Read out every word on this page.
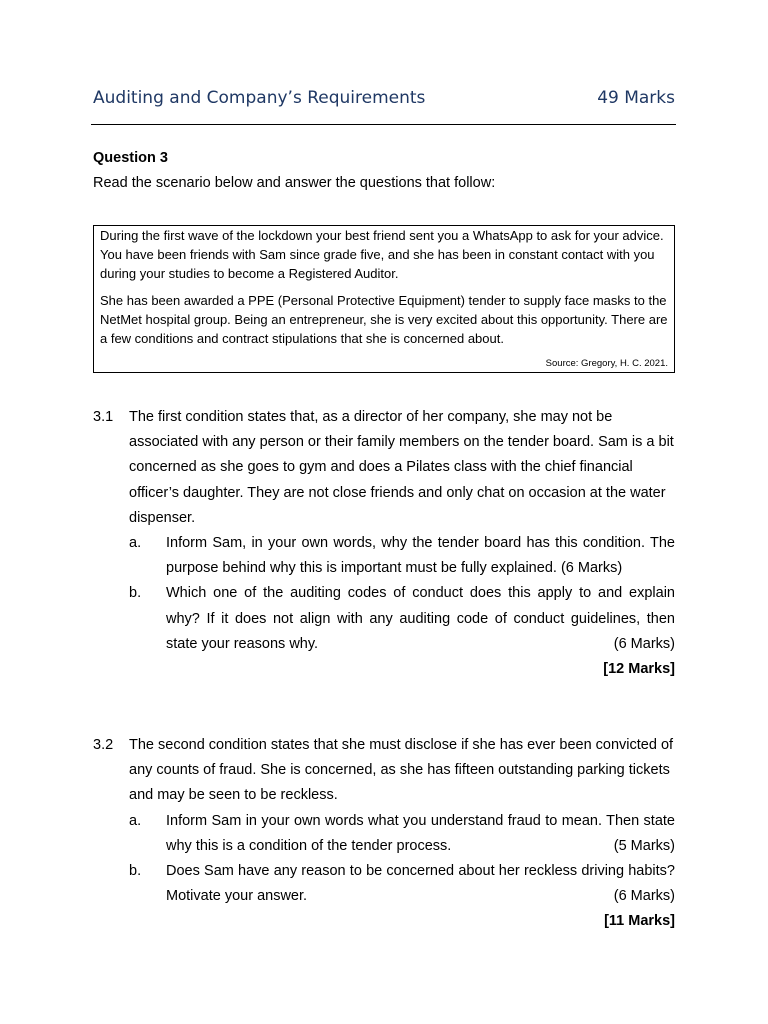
Auditing and Company’s Requirements	49 Marks
Question 3
Read the scenario below and answer the questions that follow:

During the first wave of the lockdown your best friend sent you a WhatsApp to ask for your advice. You have been friends with Sam since grade five, and she has been in constant contact with you during your studies to become a Registered Auditor.

She has been awarded a PPE (Personal Protective Equipment) tender to supply face masks to the NetMet hospital group. Being an entrepreneur, she is very excited about this opportunity. There are a few conditions and contract stipulations that she is concerned about.

Source: Gregory, H. C. 2021.
3.1	The first condition states that, as a director of her company, she may not be associated with any person or their family members on the tender board. Sam is a bit concerned as she goes to gym and does a Pilates class with the chief financial officer’s daughter. They are not close friends and only chat on occasion at the water dispenser.
a.	Inform Sam, in your own words, why the tender board has this condition. The purpose behind why this is important must be fully explained. (6 Marks)
b.	Which one of the auditing codes of conduct does this apply to and explain why? If it does not align with any auditing code of conduct guidelines, then state your reasons why.	(6 Marks)
[12 Marks]
3.2	The second condition states that she must disclose if she has ever been convicted of any counts of fraud. She is concerned, as she has fifteen outstanding parking tickets and may be seen to be reckless.
a.	Inform Sam in your own words what you understand fraud to mean. Then state why this is a condition of the tender process.	(5 Marks)
b.	Does Sam have any reason to be concerned about her reckless driving habits? Motivate your answer.	(6 Marks)
[11 Marks]
